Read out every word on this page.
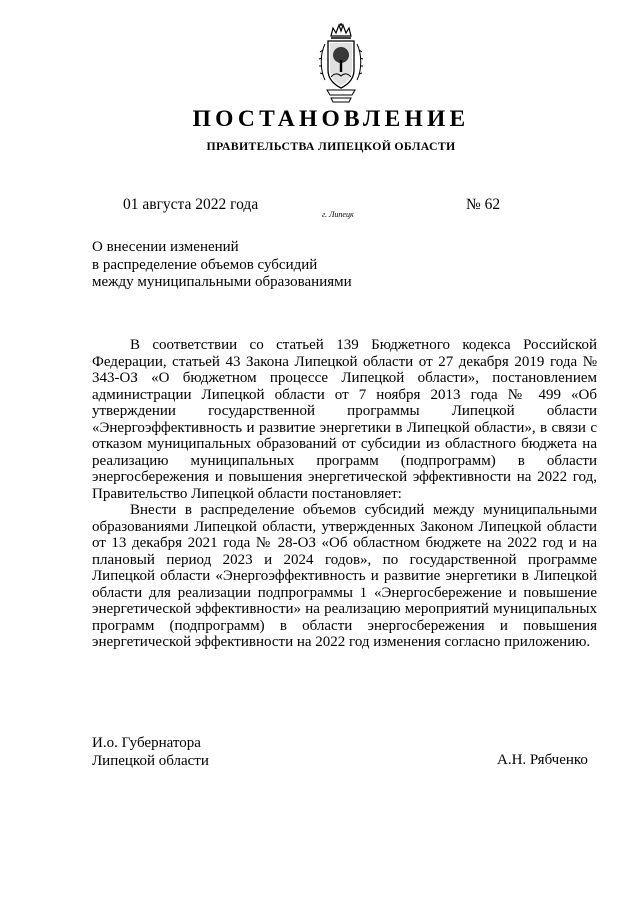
ПОСТАНОВЛЕНИЕ
ПРАВИТЕЛЬСТВА ЛИПЕЦКОЙ ОБЛАСТИ
01 августа 2022 года
г. Липецк
№ 62
О внесении изменений
в распределение объемов субсидий
между муниципальными образованиями

В соответствии со статьей 139 Бюджетного кодекса Российской Федерации, статьей 43 Закона Липецкой области от 27 декабря 2019 года № 343-ОЗ «О бюджетном процессе Липецкой области», постановлением администрации Липецкой области от 7 ноября 2013 года № 499 «Об утверждении государственной программы Липецкой области «Энергоэффективность и развитие энергетики в Липецкой области», в связи с отказом муниципальных образований от субсидии из областного бюджета на реализацию муниципальных программ (подпрограмм) в области энергосбережения и повышения энергетической эффективности на 2022 год, Правительство Липецкой области постановляет:

Внести в распределение объемов субсидий между муниципальными образованиями Липецкой области, утвержденных Законом Липецкой области от 13 декабря 2021 года № 28-ОЗ «Об областном бюджете на 2022 год и на плановый период 2023 и 2024 годов», по государственной программе Липецкой области «Энергоэффективность и развитие энергетики в Липецкой области для реализации подпрограммы 1 «Энергосбережение и повышение энергетической эффективности» на реализацию мероприятий муниципальных программ (подпрограмм) в области энергосбережения и повышения энергетической эффективности на 2022 год изменения согласно приложению.

И.о. Губернатора
Липецкой области	А.Н. Рябченко
